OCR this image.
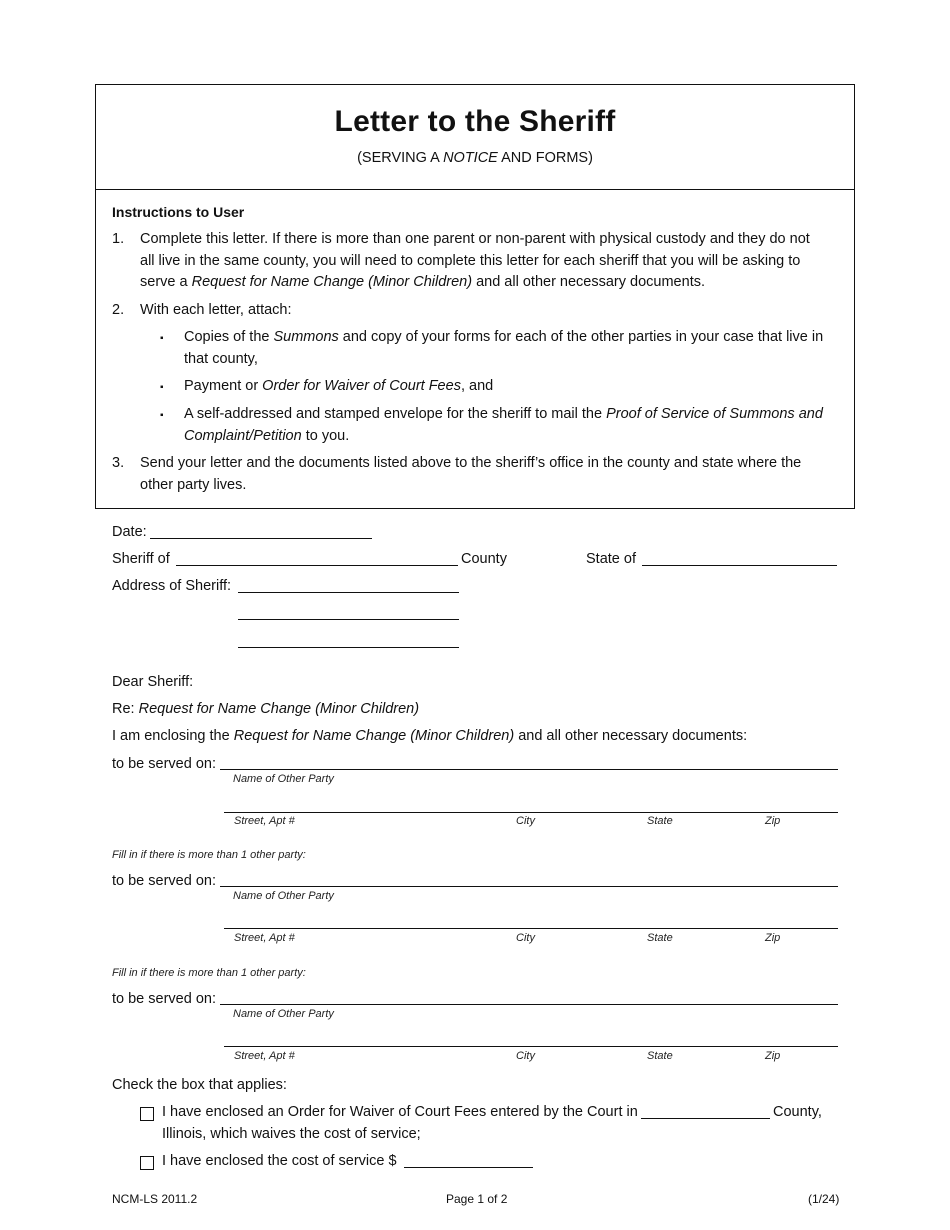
Letter to the Sheriff
(SERVING A NOTICE AND FORMS)
Instructions to User
1. Complete this letter. If there is more than one parent or non-parent with physical custody and they do not
all live in the same county, you will need to complete this letter for each sheriff that you will be asking to
serve a Request for Name Change (Minor Children) and all other necessary documents.
2. With each letter, attach:
▪ Copies of the Summons and copy of your forms for each of the other parties in your case that live in
that county,
▪ Payment or Order for Waiver of Court Fees, and
▪ A self-addressed and stamped envelope for the sheriff to mail the Proof of Service of Summons and
Complaint/Petition to you.
3. Send your letter and the documents listed above to the sheriff’s office in the county and state where the
other party lives.
Date:
Sheriff of	County	State of
Address of Sheriff:
Dear Sheriff:
Re: Request for Name Change (Minor Children)
I am enclosing the Request for Name Change (Minor Children) and all other necessary documents:
to be served on:
Name of Other Party
Street, Apt #	City	State	Zip
Fill in if there is more than 1 other party:
to be served on:
Name of Other Party
Street, Apt #	City	State	Zip
Fill in if there is more than 1 other party:
to be served on:
Name of Other Party
Street, Apt #	City	State	Zip
Check the box that applies:
I have enclosed an Order for Waiver of Court Fees entered by the Court in	County,
Illinois, which waives the cost of service;
I have enclosed the cost of service $
NCM-LS 2011.2	Page 1 of 2	(1/24)
